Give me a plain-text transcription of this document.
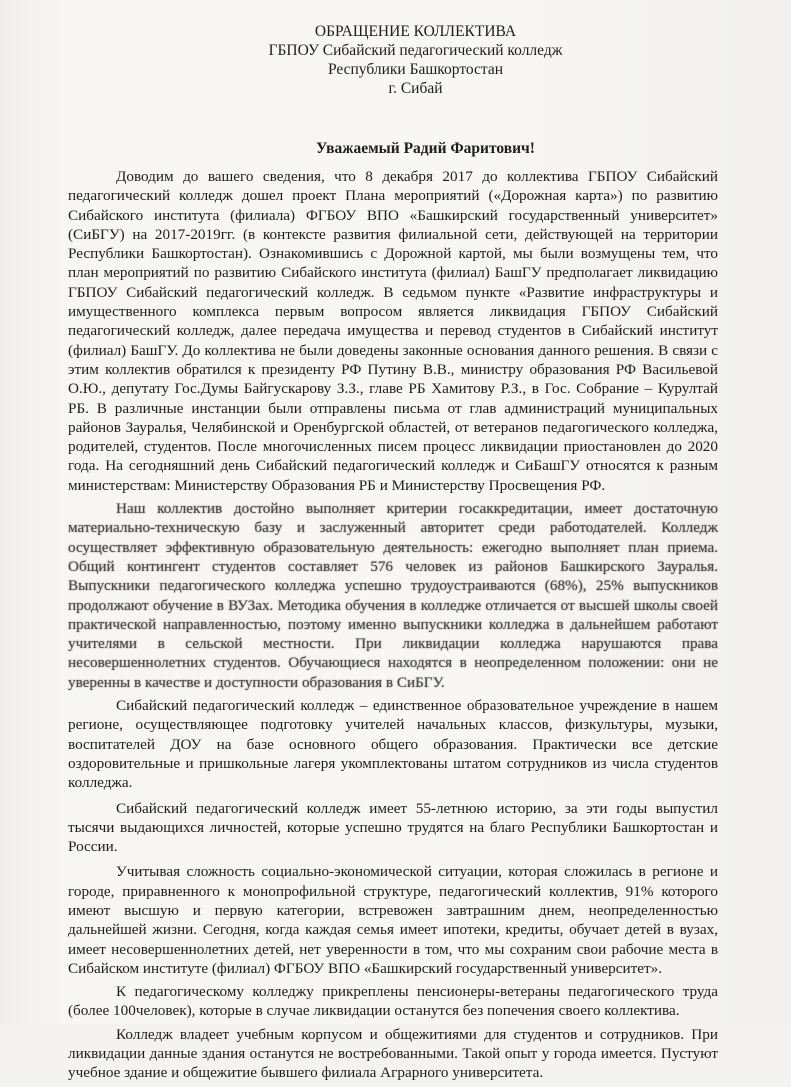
ОБРАЩЕНИЕ КОЛЛЕКТИВА
ГБПОУ Сибайский педагогический колледж
Республики Башкортостан
г. Сибай
Уважаемый Радий Фаритович!

Доводим до вашего сведения, что 8 декабря 2017 до коллектива ГБПОУ Сибайский педагогический колледж дошел проект Плана мероприятий («Дорожная карта») по развитию Сибайского института (филиала) ФГБОУ ВПО «Башкирский государственный университет» (СиБГУ) на 2017-2019гг. (в контексте развития филиальной сети, действующей на территории Республики Башкортостан). Ознакомившись с Дорожной картой, мы были возмущены тем, что план мероприятий по развитию Сибайского института (филиал) БашГУ предполагает ликвидацию ГБПОУ Сибайский педагогический колледж. В седьмом пункте «Развитие инфраструктуры и имущественного комплекса первым вопросом является ликвидация ГБПОУ Сибайский педагогический колледж, далее передача имущества и перевод студентов в Сибайский институт (филиал) БашГУ. До коллектива не были доведены законные основания данного решения. В связи с этим коллектив обратился к президенту РФ Путину В.В., министру образования РФ Васильевой О.Ю., депутату Гос.Думы Байгускарову З.З., главе РБ Хамитову Р.З., в Гос. Собрание – Курултай РБ. В различные инстанции были отправлены письма от глав администраций муниципальных районов Зауралья, Челябинской и Оренбургской областей, от ветеранов педагогического колледжа, родителей, студентов. После многочисленных писем процесс ликвидации приостановлен до 2020 года. На сегодняшний день Сибайский педагогический колледж и СиБашГУ относятся к разным министерствам: Министерству Образования РБ и Министерству Просвещения РФ.

Наш коллектив достойно выполняет критерии госаккредитации, имеет достаточную материально-техническую базу и заслуженный авторитет среди работодателей. Колледж осуществляет эффективную образовательную деятельность: ежегодно выполняет план приема. Общий контингент студентов составляет 576 человек из районов Башкирского Зауралья. Выпускники педагогического колледжа успешно трудоустраиваются (68%), 25% выпускников продолжают обучение в ВУЗах. Методика обучения в колледже отличается от высшей школы своей практической направленностью, поэтому именно выпускники колледжа в дальнейшем работают учителями в сельской местности. При ликвидации колледжа нарушаются права несовершеннолетних студентов. Обучающиеся находятся в неопределенном положении: они не уверенны в качестве и доступности образования в СиБГУ.

Сибайский педагогический колледж – единственное образовательное учреждение в нашем регионе, осуществляющее подготовку учителей начальных классов, физкультуры, музыки, воспитателей ДОУ на базе основного общего образования. Практически все детские оздоровительные и пришкольные лагеря укомплектованы штатом сотрудников из числа студентов колледжа.

Сибайский педагогический колледж имеет 55-летнюю историю, за эти годы выпустил тысячи выдающихся личностей, которые успешно трудятся на благо Республики Башкортостан и России.

Учитывая сложность социально-экономической ситуации, которая сложилась в регионе и городе, приравненного к монопрофильной структуре, педагогический коллектив, 91% которого имеют высшую и первую категории, встревожен завтрашним днем, неопределенностью дальнейшей жизни. Сегодня, когда каждая семья имеет ипотеки, кредиты, обучает детей в вузах, имеет несовершеннолетних детей, нет уверенности в том, что мы сохраним свои рабочие места в Сибайском институте (филиал) ФГБОУ ВПО «Башкирский государственный университет».

К педагогическому колледжу прикреплены пенсионеры-ветераны педагогического труда (более 100человек), которые в случае ликвидации останутся без попечения своего коллектива.

Колледж владеет учебным корпусом и общежитиями для студентов и сотрудников. При ликвидации данные здания останутся не востребованными. Такой опыт у города имеется. Пустуют учебное здание и общежитие бывшего филиала Аграрного университета.
